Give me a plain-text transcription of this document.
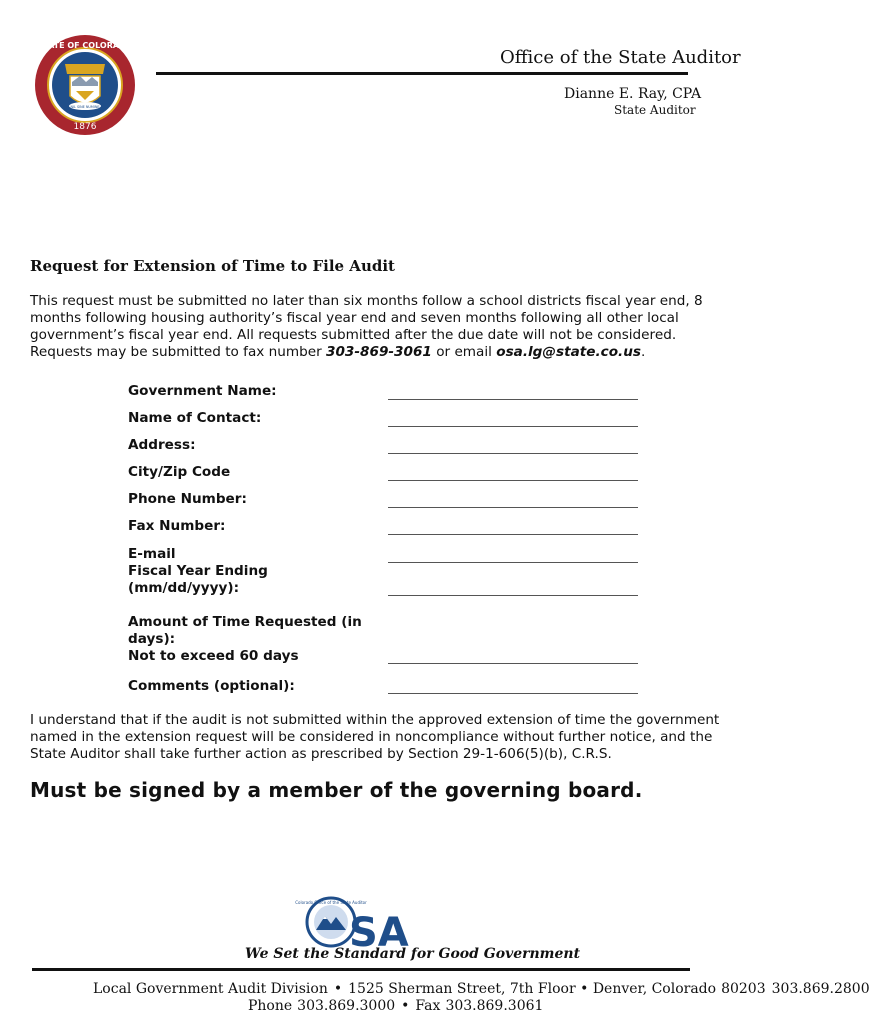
STATE OF COLORADO
1876
NIL SINE NUMINE
Office of the State Auditor
Dianne E. Ray, CPA
State Auditor
Request for Extension of Time to File Audit
This request must be submitted no later than six months follow a school districts fiscal year end, 8 months following housing authority’s fiscal year end and seven months following all other local government’s fiscal year end. All requests submitted after the due date will not be considered. Requests may be submitted to fax number 303-869-3061 or email osa.lg@state.co.us.
Government Name:
Name of Contact:
Address:
City/Zip Code
Phone Number:
Fax Number:
E-mail
Fiscal Year Ending
(mm/dd/yyyy):
Amount of Time Requested (in
days):
Not to exceed 60 days
Comments (optional):
I understand that if the audit is not submitted within the approved extension of time the government
named in the extension request will be considered in noncompliance without further notice, and the State Auditor shall take further action as prescribed by Section 29-1-606(5)(b), C.R.S.
Must be signed by a member of the governing board.
Colorado Office of the State Auditor
SA
We Set the Standard for Good Government
Local Government Audit Division • 1525 Sherman Street, 7th Floor • Denver, Colorado 80203 303.869.2800
Phone 303.869.3000 • Fax 303.869.3061
